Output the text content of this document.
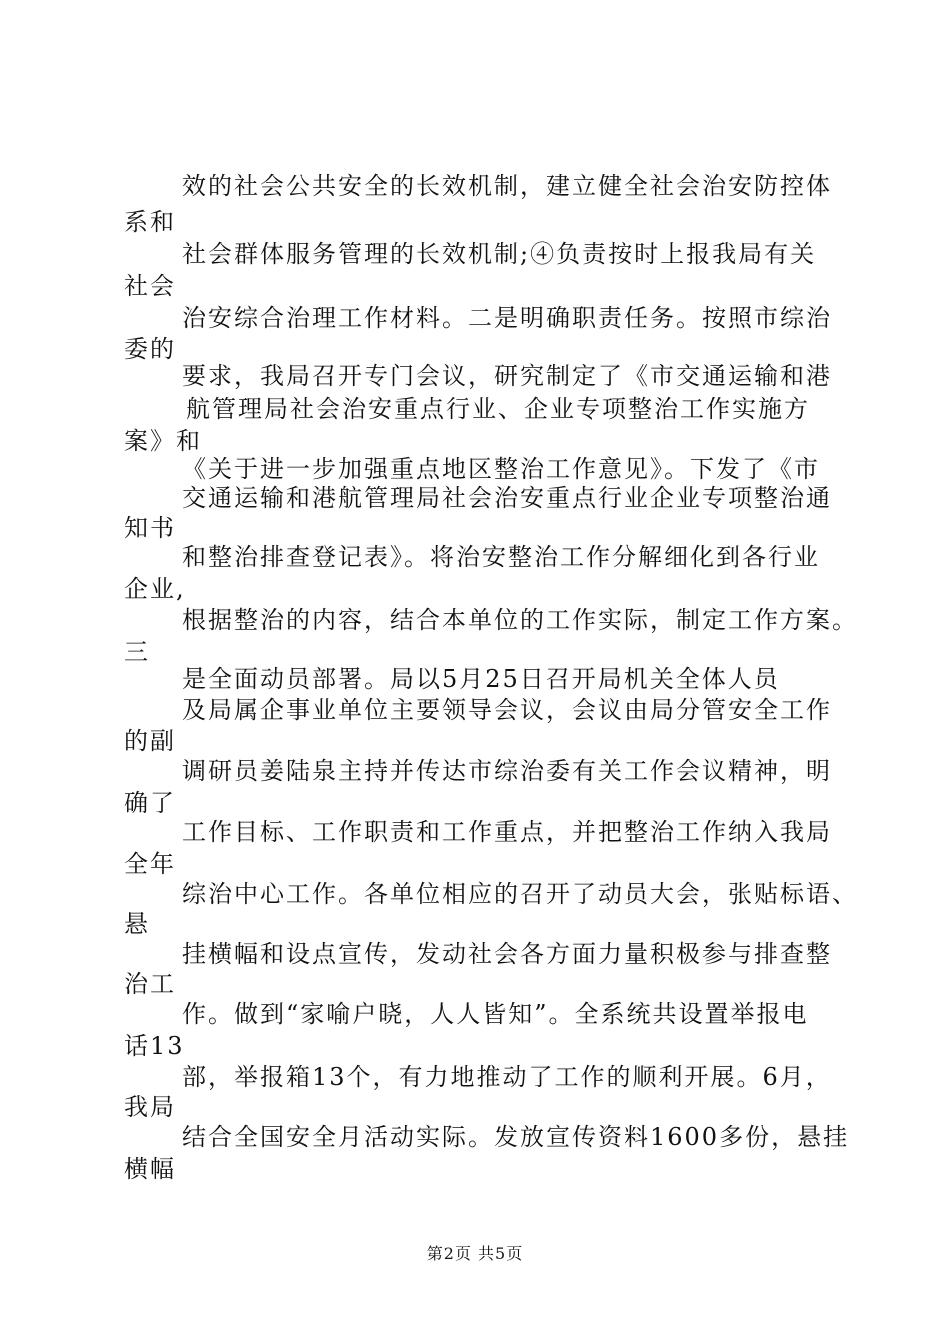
效的社会公共安全的长效机制，建立健全社会治安防控体
系和
社会群体服务管理的长效机制;④负责按时上报我局有关
社会
治安综合治理工作材料。二是明确职责任务。按照市综治
委的
要求，我局召开专门会议，研究制定了《市交通运输和港
航管理局社会治安重点行业、企业专项整治工作实施方
案》和
《关于进一步加强重点地区整治工作意见》。下发了《市
交通运输和港航管理局社会治安重点行业企业专项整治通
知书
和整治排查登记表》。将治安整治工作分解细化到各行业
企业,
根据整治的内容，结合本单位的工作实际，制定工作方案。
三
是全面动员部署。局以5月25日召开局机关全体人员
及局属企事业单位主要领导会议，会议由局分管安全工作
的副
调研员姜陆泉主持并传达市综治委有关工作会议精神，明
确了
工作目标、工作职责和工作重点，并把整治工作纳入我局
全年
综治中心工作。各单位相应的召开了动员大会，张贴标语、
悬
挂横幅和设点宣传，发动社会各方面力量积极参与排查整
治工
作。做到“家喻户晓，人人皆知”。全系统共设置举报电
话13
部，举报箱13个，有力地推动了工作的顺利开展。6月，
我局
结合全国安全月活动实际。发放宣传资料1600多份，悬挂
横幅
第2页 共5页
